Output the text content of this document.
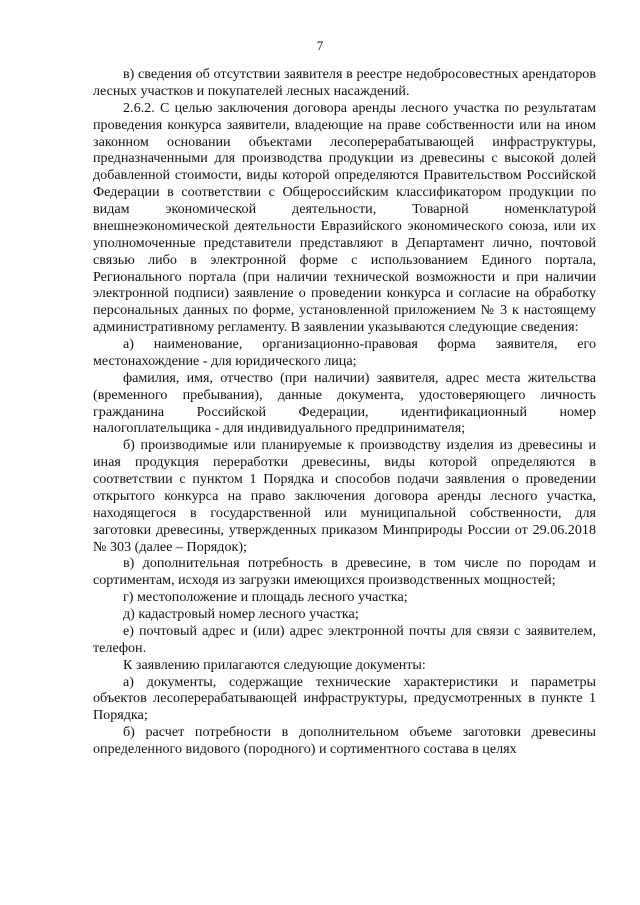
7

в) сведения об отсутствии заявителя в реестре недобросовестных арендаторов лесных участков и покупателей лесных насаждений.

2.6.2. С целью заключения договора аренды лесного участка по результатам проведения конкурса заявители, владеющие на праве собственности или на ином законном основании объектами лесоперерабатывающей инфраструктуры, предназначенными для производства продукции из древесины с высокой долей добавленной стоимости, виды которой определяются Правительством Российской Федерации в соответствии с Общероссийским классификатором продукции по видам экономической деятельности, Товарной номенклатурой внешнеэкономической деятельности Евразийского экономического союза, или их уполномоченные представители представляют в Департамент лично, почтовой связью либо в электронной форме с использованием Единого портала, Регионального портала (при наличии технической возможности и при наличии электронной подписи) заявление о проведении конкурса и согласие на обработку персональных данных по форме, установленной приложением № 3 к настоящему административному регламенту. В заявлении указываются следующие сведения:

а) наименование, организационно-правовая форма заявителя, его местонахождение - для юридического лица;

фамилия, имя, отчество (при наличии) заявителя, адрес места жительства (временного пребывания), данные документа, удостоверяющего личность гражданина Российской Федерации, идентификационный номер налогоплательщика - для индивидуального предпринимателя;

б) производимые или планируемые к производству изделия из древесины и иная продукция переработки древесины, виды которой определяются в соответствии с пунктом 1 Порядка и способов подачи заявления о проведении открытого конкурса на право заключения договора аренды лесного участка, находящегося в государственной или муниципальной собственности, для заготовки древесины, утвержденных приказом Минприроды России от 29.06.2018 № 303 (далее – Порядок);

в) дополнительная потребность в древесине, в том числе по породам и сортиментам, исходя из загрузки имеющихся производственных мощностей;

г) местоположение и площадь лесного участка;

д) кадастровый номер лесного участка;

е) почтовый адрес и (или) адрес электронной почты для связи с заявителем, телефон.

К заявлению прилагаются следующие документы:

а) документы, содержащие технические характеристики и параметры объектов лесоперерабатывающей инфраструктуры, предусмотренных в пункте 1 Порядка;

б) расчет потребности в дополнительном объеме заготовки древесины определенного видового (породного) и сортиментного состава в целях
